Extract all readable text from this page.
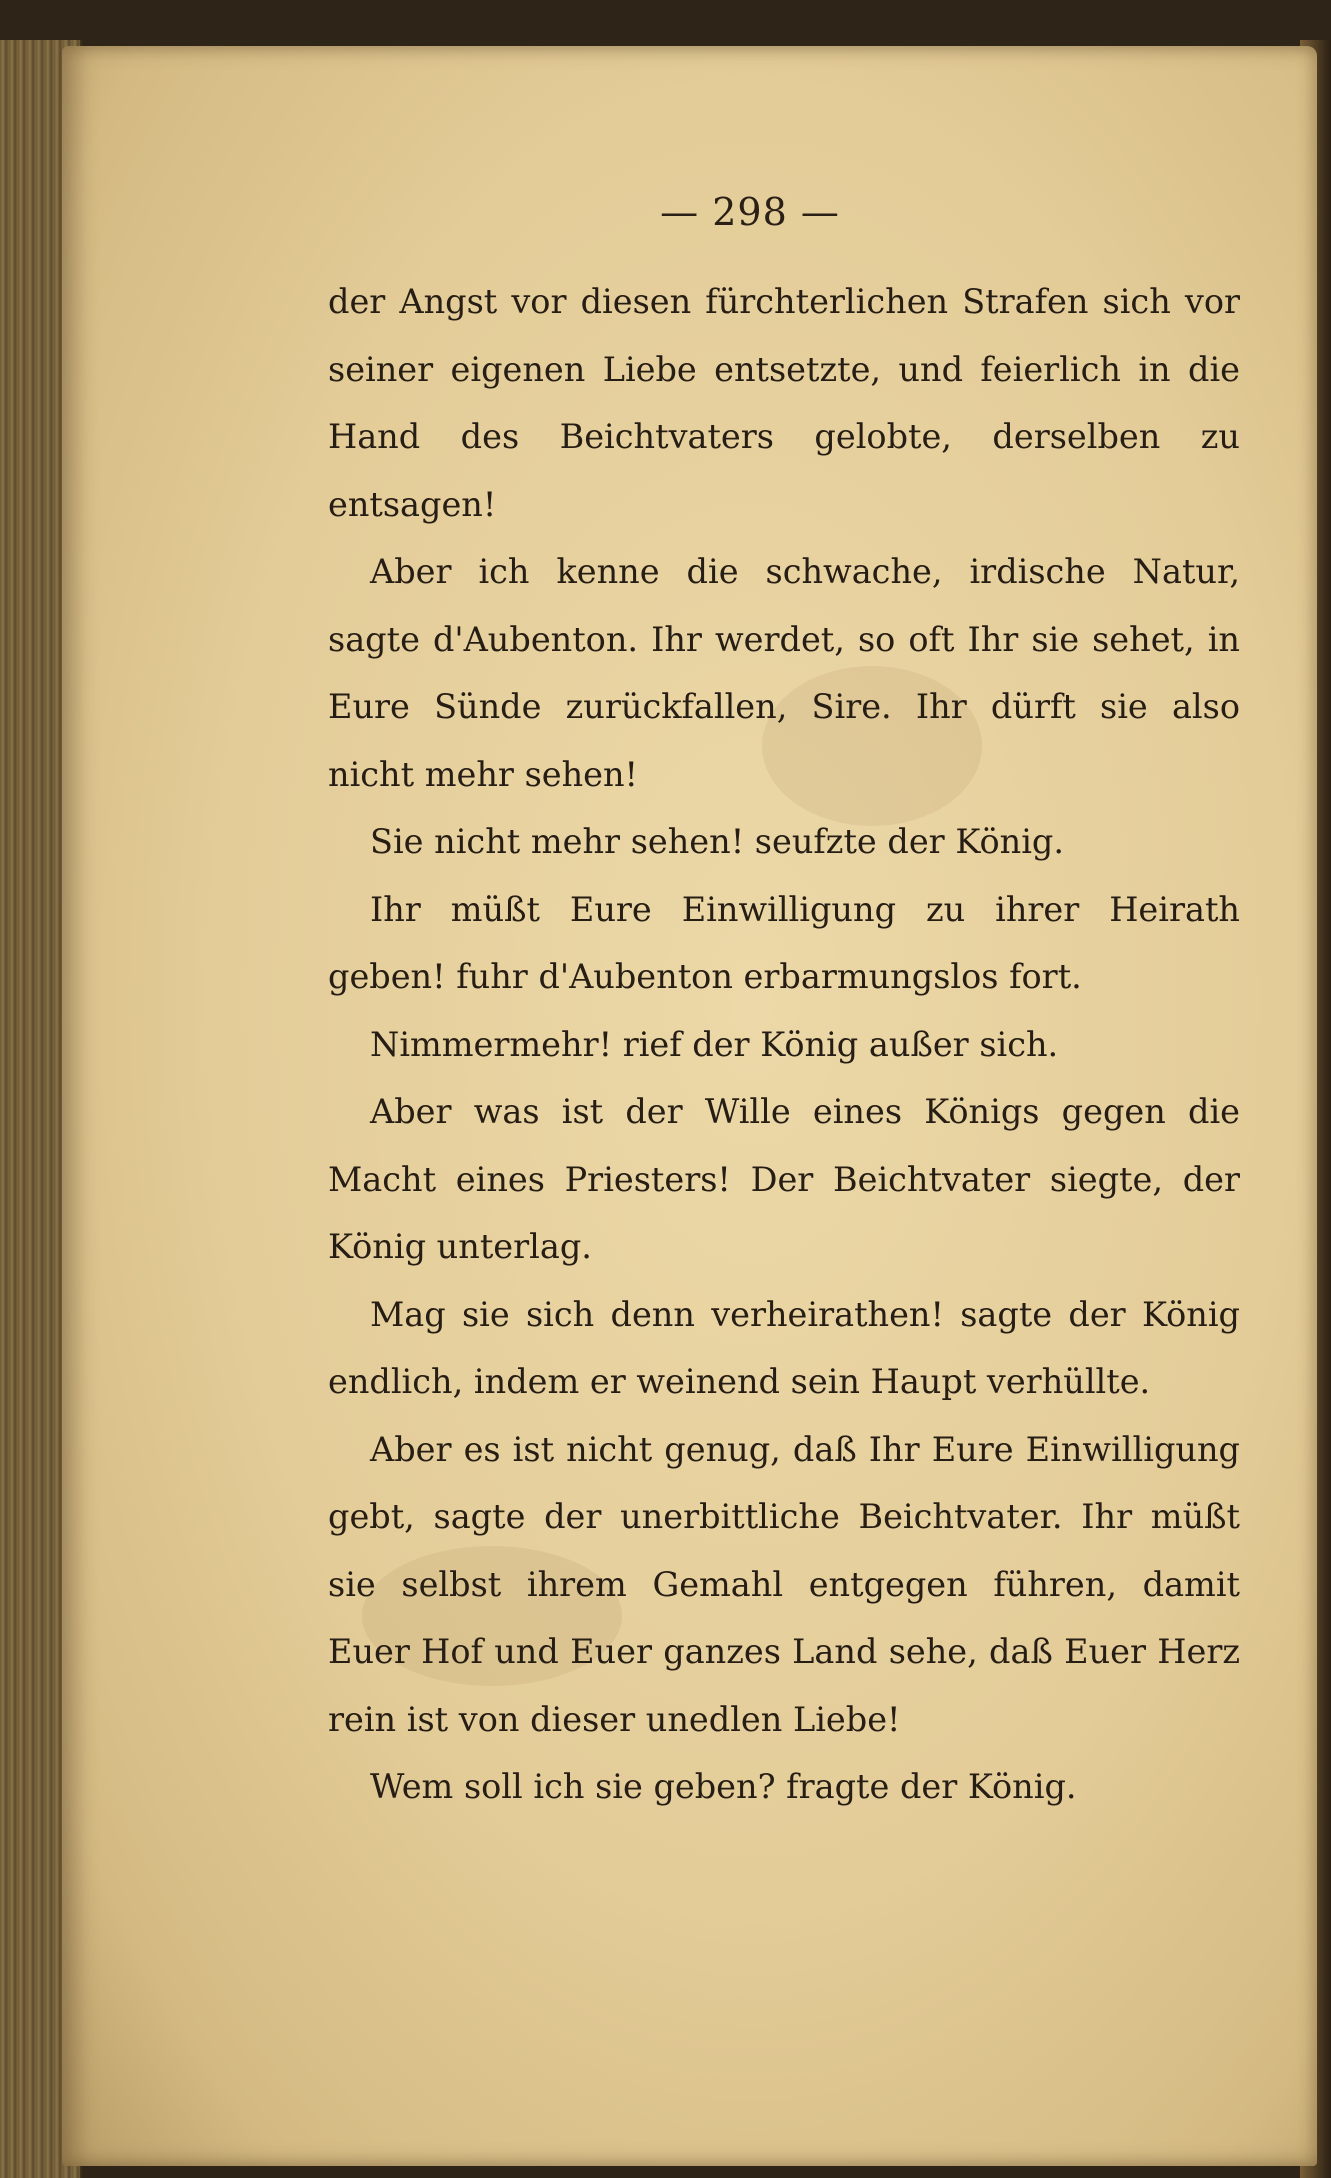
— 298 —

der Angst vor diesen fürchterlichen Strafen sich vor seiner eigenen Liebe entsetzte, und feierlich in die Hand des Beichtvaters gelobte, derselben zu entsagen!

Aber ich kenne die schwache, irdische Natur, sagte d'Aubenton. Ihr werdet, so oft Ihr sie sehet, in Eure Sünde zurückfallen, Sire. Ihr dürft sie also nicht mehr sehen!

Sie nicht mehr sehen! seufzte der König.

Ihr müßt Eure Einwilligung zu ihrer Heirath geben! fuhr d'Aubenton erbarmungslos fort.

Nimmermehr! rief der König außer sich.

Aber was ist der Wille eines Königs gegen die Macht eines Priesters! Der Beichtvater siegte, der König unterlag.

Mag sie sich denn verheirathen! sagte der König endlich, indem er weinend sein Haupt verhüllte.

Aber es ist nicht genug, daß Ihr Eure Einwilligung gebt, sagte der unerbittliche Beichtvater. Ihr müßt sie selbst ihrem Gemahl entgegen führen, damit Euer Hof und Euer ganzes Land sehe, daß Euer Herz rein ist von dieser unedlen Liebe!

Wem soll ich sie geben? fragte der König.
